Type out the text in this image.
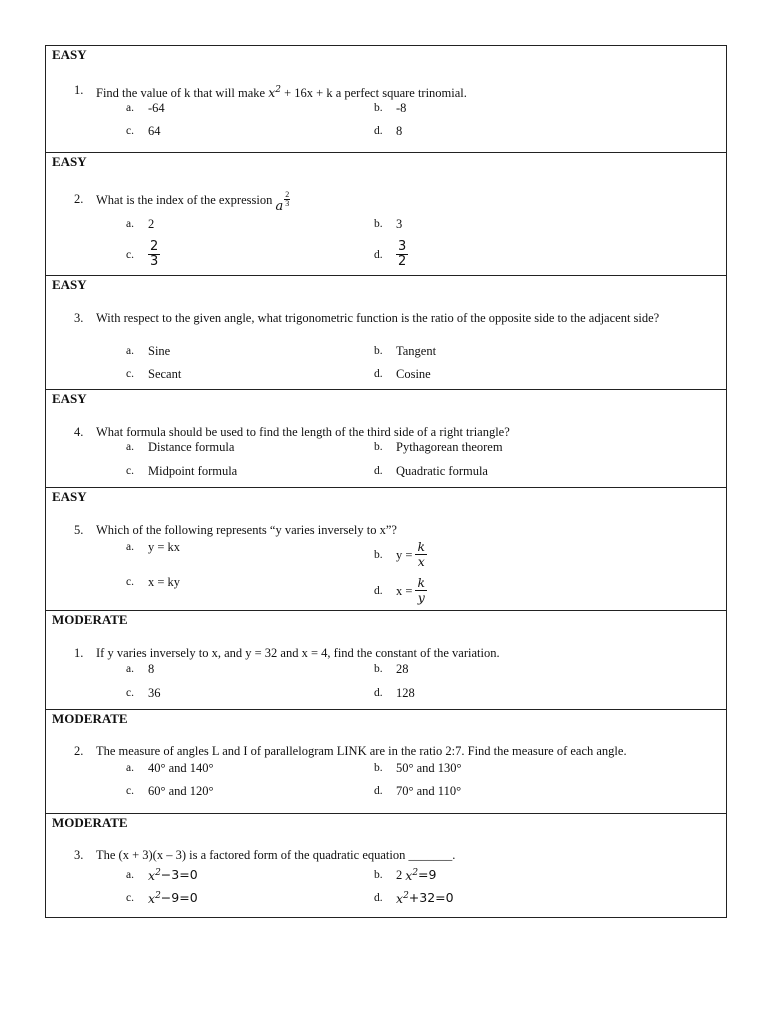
EASY
1.	Find the value of k that will make $x^2 + 16x + k$ a perfect square trinomial.
a.	-64	b.	-8
c.	64	d.	8
EASY
2.	What is the index of the expression a
2
3
a.	2	b.	3
c.	$\frac{2}{3}$	d.	$\frac{3}{2}$
EASY
3.	With respect to the given angle, what trigonometric function is the ratio of the opposite side to the adjacent side?
a.	Sine	b.	Tangent
c.	Secant	d.	Cosine
EASY
4.	What formula should be used to find the length of the third side of a right triangle?
a.	Distance formula	b.	Pythagorean theorem
c.	Midpoint formula	d.	Quadratic formula
EASY
5.	Which of the following represents “y varies inversely to x”?
a.	y = kx
b.	$y = \frac{k}{x}$
c.	x = ky
d.	$x = \frac{k}{y}$
MODERATE
1.	If y varies inversely to x, and y = 32 and x = 4, find the constant of the variation.
a.	8	b.	28
c.	36	d.	128
MODERATE
2.	The measure of angles L and I of parallelogram LINK are in the ratio 2:7. Find the measure of each angle.
a.	40° and 140°	b.	50° and 130°
c.	60° and 120°	d.	70° and 110°
MODERATE
3.	The (x + 3)(x – 3) is a factored form of the quadratic equation _______.
a.	$x^2 -3=0$	b.	2 $x^2 =9$
c.	$x^2 -9=0$	d.	$x^2 +32=0$
